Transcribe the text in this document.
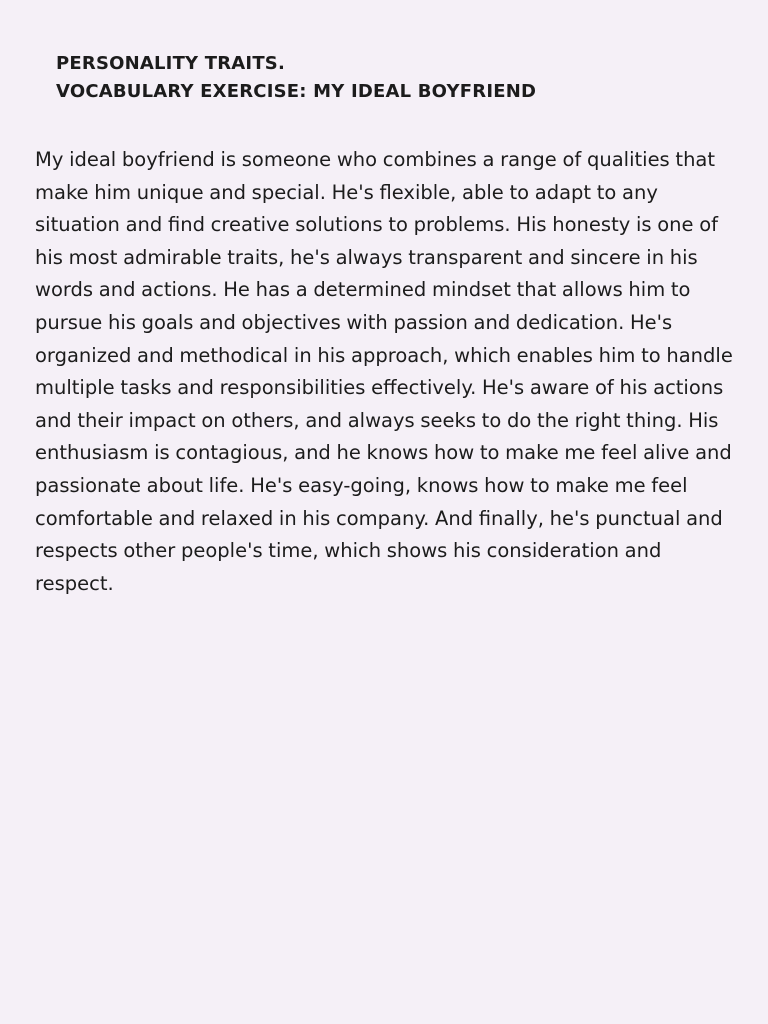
PERSONALITY TRAITS.
VOCABULARY EXERCISE: MY IDEAL BOYFRIEND

My ideal boyfriend is someone who combines a range of qualities that make him unique and special. He's flexible, able to adapt to any situation and find creative solutions to problems. His honesty is one of his most admirable traits, he's always transparent and sincere in his words and actions. He has a determined mindset that allows him to pursue his goals and objectives with passion and dedication. He's organized and methodical in his approach, which enables him to handle multiple tasks and responsibilities effectively. He's aware of his actions and their impact on others, and always seeks to do the right thing. His enthusiasm is contagious, and he knows how to make me feel alive and passionate about life. He's easy-going, knows how to make me feel comfortable and relaxed in his company. And finally, he's punctual and respects other people's time, which shows his consideration and respect.
